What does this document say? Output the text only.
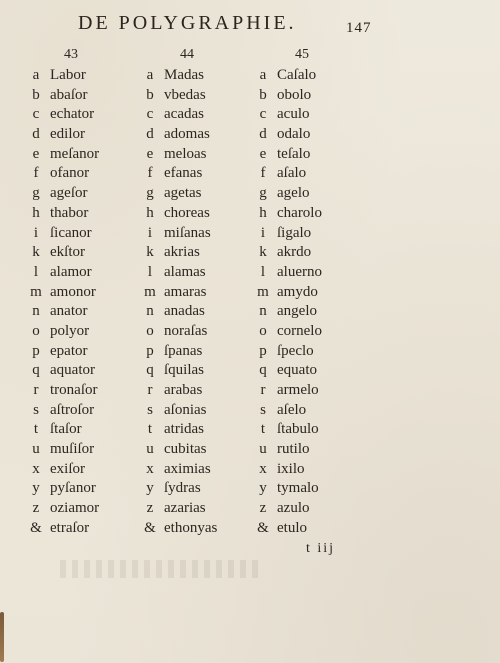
DE POLYGRAPHIE.	147
43
a Labor
b abaſor
c echator
d edilor
e meſanor
f ofanor
g ageſor
h thabor
i ſicanor
k ekſtor
l alamor
m amonor
n anator
o polyor
p epator
q aquator
r tronaſor
s aſtroſor
t ſtaſor
u muſiſor
x exiſor
y pyſanor
z oziamor
& etraſor
44
a Madas
b vbedas
c acadas
d adomas
e meloas
f efanas
g agetas
h choreas
i miſanas
k akrias
l alamas
m amaras
n anadas
o noraſas
p ſpanas
q ſquilas
r arabas
s aſonias
t atridas
u cubitas
x aximias
y ſydras
z azarias
& ethonyas
45
a Caſalo
b obolo
c aculo
d odalo
e teſalo
f aſalo
g agelo
h charolo
i ſigalo
k akrdo
l aluerno
m amydo
n angelo
o cornelo
p ſpeclo
q equato
r armelo
s aſelo
t ſtabulo
u rutilo
x ixilo
y tymalo
z azulo
& etulo
t iij
